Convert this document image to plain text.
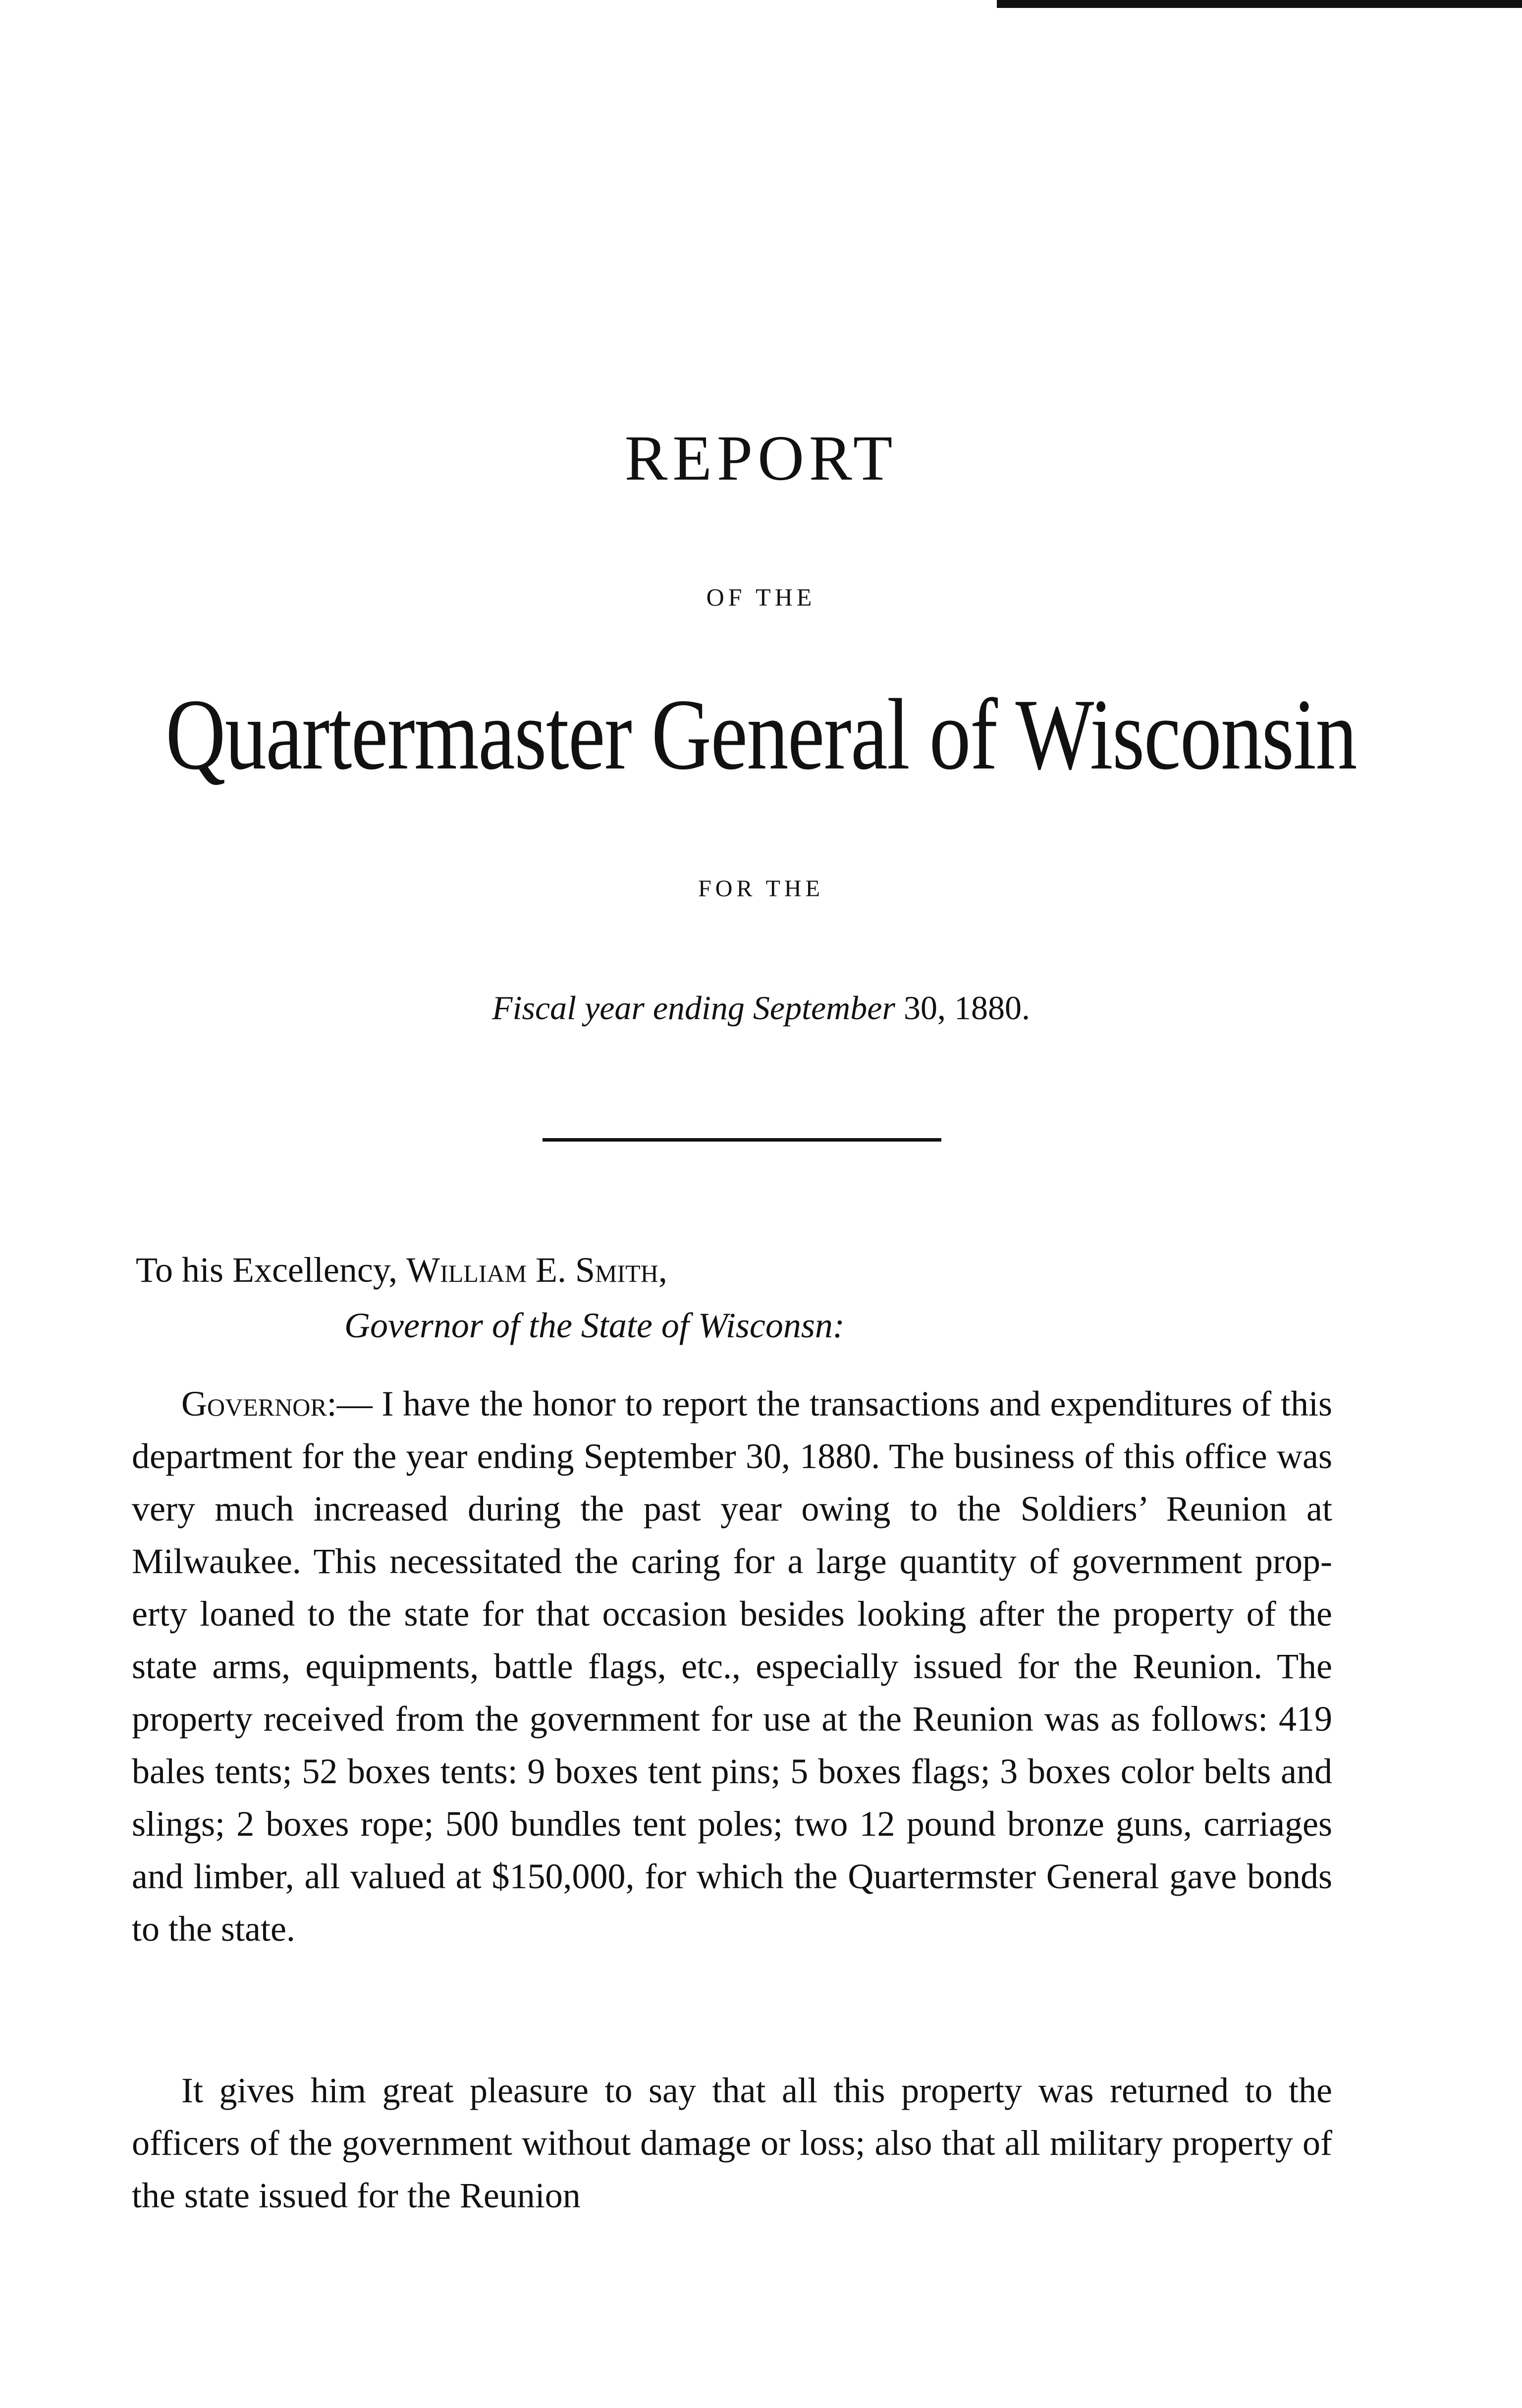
REPORT
OF THE
Quartermaster General of Wisconsin
FOR THE
Fiscal year ending September 30, 1880.
To his Excellency, William E. Smith,
Governor of the State of Wisconsn:
Governor:— I have the honor to report the transactions and expenditures of this department for the year ending September 30, 1880. The business of this office was very much increased during the past year owing to the Soldiers’ Reunion at Milwaukee. This necessitated the caring for a large quantity of government property loaned to the state for that occasion besides looking after the property of the state arms, equipments, battle flags, etc., especially issued for the Reunion. The property received from the government for use at the Reunion was as follows: 419 bales tents; 52 boxes tents: 9 boxes tent pins; 5 boxes flags; 3 boxes color belts and slings; 2 boxes rope; 500 bundles tent poles; two 12 pound bronze guns, carriages and limber, all valued at $150,000, for which the Quartermster General gave bonds to the state.
It gives him great pleasure to say that all this property was returned to the officers of the government without damage or loss; also that all military property of the state issued for the Reunion
